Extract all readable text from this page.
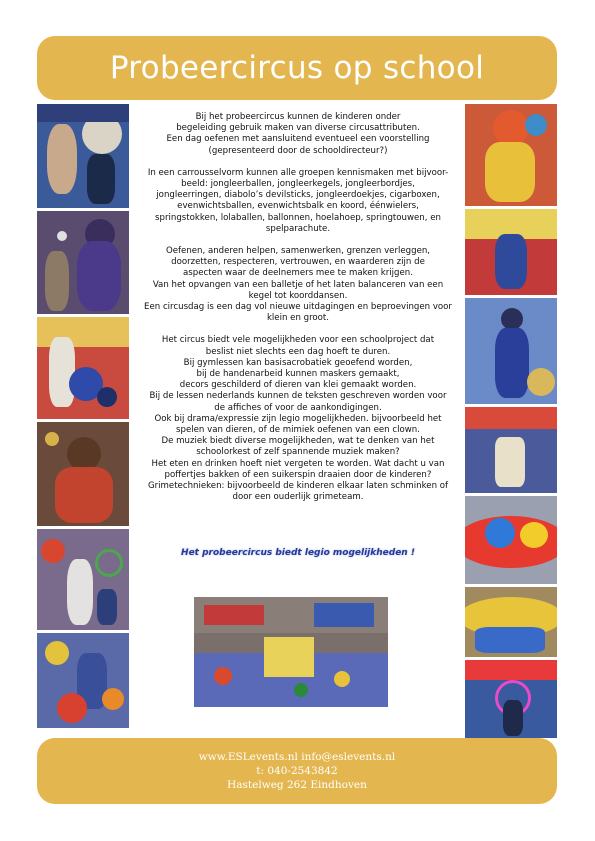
Probeercircus op school

Bij het probeercircus kunnen de kinderen onder
begeleiding gebruik maken van diverse circusattributen.
Een dag oefenen met aansluitend eventueel een voorstelling
(gepresenteerd door de schooldirecteur?)

In een carrousselvorm kunnen alle groepen kennismaken met bijvoor-
beeld: jongleerballen, jongleerkegels, jongleerbordjes,
jongleerringen, diabolo’s devilsticks, jongleerdoekjes, cigarboxen,
evenwichtsballen, evenwichtsbalk en koord, éénwielers,
springstokken, lolaballen, ballonnen, hoelahoep, springtouwen, en
spelparachute.

Oefenen, anderen helpen, samenwerken, grenzen verleggen,
doorzetten, respecteren, vertrouwen, en waarderen zijn de
aspecten waar de deelnemers mee te maken krijgen.
Van het opvangen van een balletje of het laten balanceren van een
kegel tot koorddansen.
Een circusdag is een dag vol nieuwe uitdagingen en beproevingen voor
klein en groot.

Het circus biedt vele mogelijkheden voor een schoolproject dat
beslist niet slechts een dag hoeft te duren.
Bij gymlessen kan basisacrobatiek geoefend worden,
bij de handenarbeid kunnen maskers gemaakt,
decors geschilderd of dieren van klei gemaakt worden.
Bij de lessen nederlands kunnen de teksten geschreven worden voor
de affiches of voor de aankondigingen.
Ook bij drama/expressie zijn legio mogelijkheden. bijvoorbeeld het
spelen van dieren, of de mimiek oefenen van een clown.
De muziek biedt diverse mogelijkheden, wat te denken van het
schoolorkest of zelf spannende muziek maken?
Het eten en drinken hoeft niet vergeten te worden. Wat dacht u van
poffertjes bakken of een suikerspin draaien door de kinderen?
Grimetechnieken: bijvoorbeeld de kinderen elkaar laten schminken of
door een ouderlijk grimeteam.

Het probeercircus biedt legio mogelijkheden !
www.ESLevents.nl info@eslevents.nl
t: 040-2543842
Hastelweg 262 Eindhoven
